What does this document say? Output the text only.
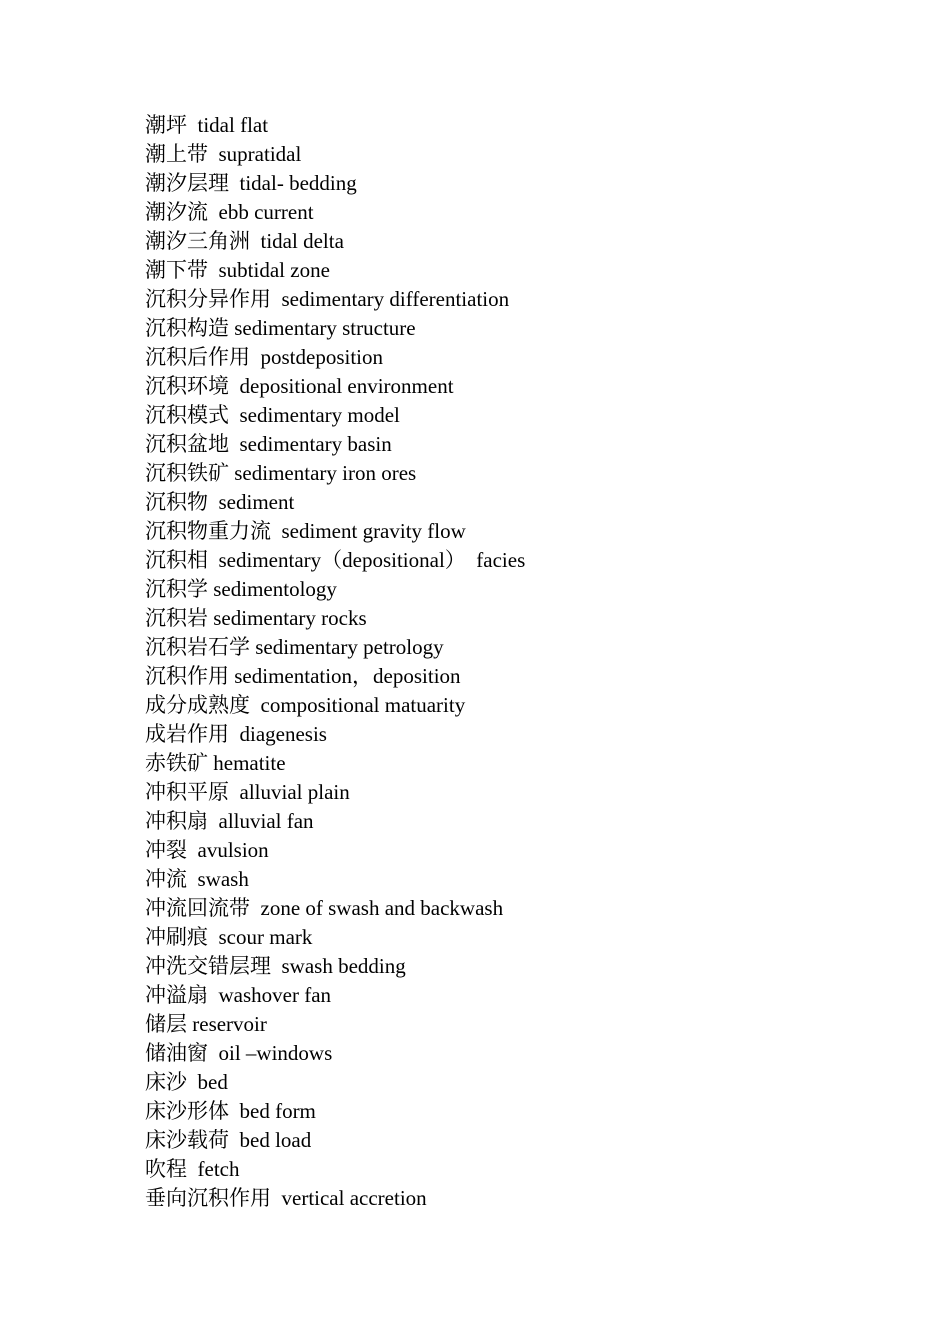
潮坪  tidal flat
潮上带  supratidal
潮汐层理  tidal- bedding
潮汐流  ebb current
潮汐三角洲  tidal delta
潮下带  subtidal zone
沉积分异作用  sedimentary differentiation
沉积构造 sedimentary structure
沉积后作用  postdeposition
沉积环境  depositional environment
沉积模式  sedimentary model
沉积盆地  sedimentary basin
沉积铁矿 sedimentary iron ores
沉积物  sediment
沉积物重力流  sediment gravity flow
沉积相  sedimentary（depositional）  facies
沉积学 sedimentology
沉积岩 sedimentary rocks
沉积岩石学 sedimentary petrology
沉积作用 sedimentation，deposition
成分成熟度  compositional matuarity
成岩作用  diagenesis
赤铁矿 hematite
冲积平原  alluvial plain
冲积扇  alluvial fan
冲裂  avulsion
冲流  swash
冲流回流带  zone of swash and backwash
冲刷痕  scour mark
冲洗交错层理  swash bedding
冲溢扇  washover fan
储层 reservoir
储油窗  oil –windows
床沙  bed
床沙形体  bed form
床沙载荷  bed load
吹程  fetch
垂向沉积作用  vertical accretion
